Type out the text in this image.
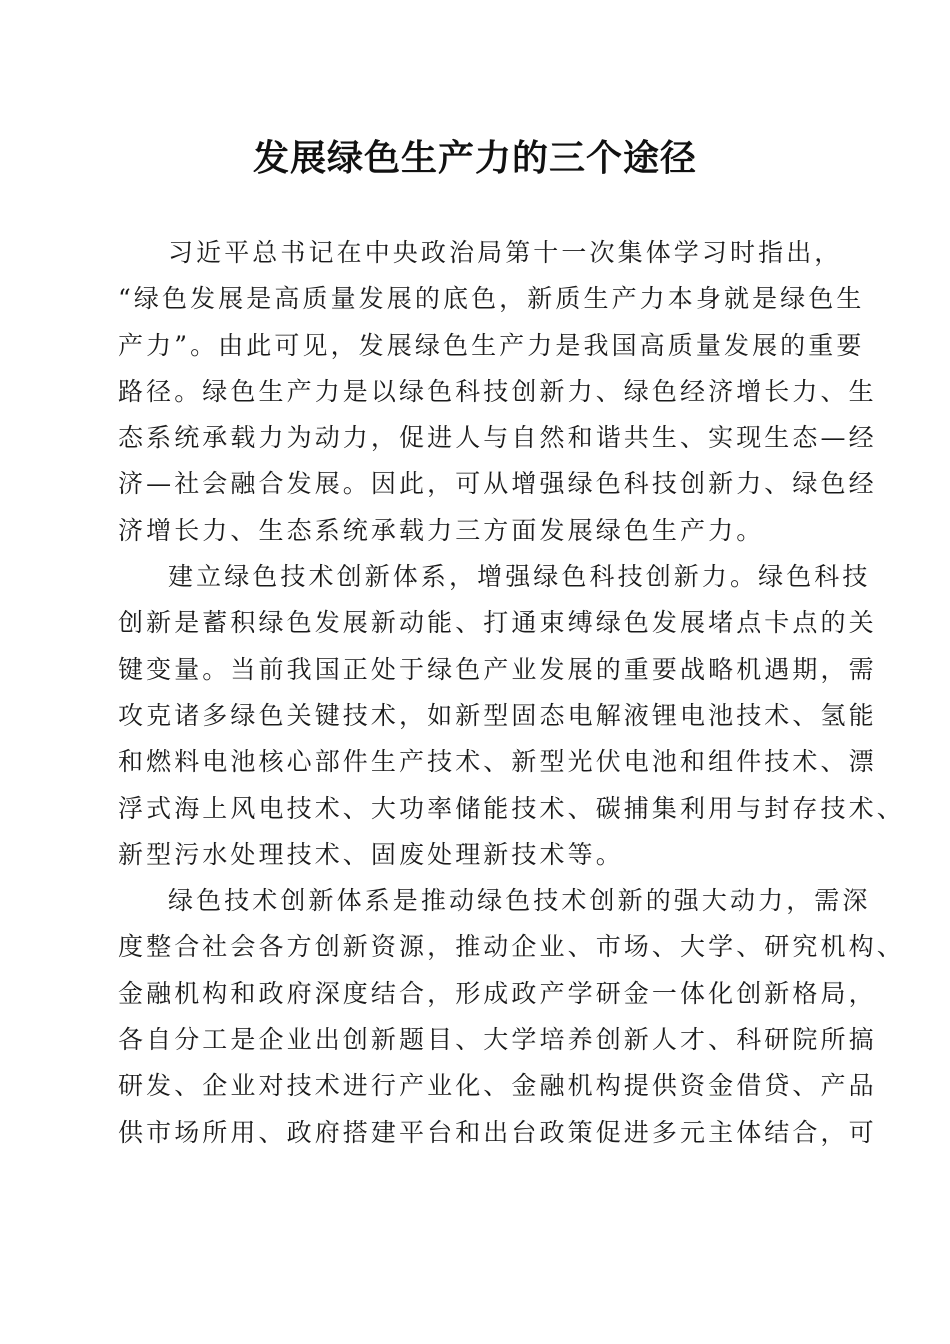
发展绿色生产力的三个途径

习近平总书记在中央政治局第十一次集体学习时指出，
“绿色发展是高质量发展的底色，新质生产力本身就是绿色生
产力”。由此可见，发展绿色生产力是我国高质量发展的重要
路径。绿色生产力是以绿色科技创新力、绿色经济增长力、生
态系统承载力为动力，促进人与自然和谐共生、实现生态—经
济—社会融合发展。因此，可从增强绿色科技创新力、绿色经
济增长力、生态系统承载力三方面发展绿色生产力。

建立绿色技术创新体系，增强绿色科技创新力。绿色科技
创新是蓄积绿色发展新动能、打通束缚绿色发展堵点卡点的关
键变量。当前我国正处于绿色产业发展的重要战略机遇期，需
攻克诸多绿色关键技术，如新型固态电解液锂电池技术、氢能
和燃料电池核心部件生产技术、新型光伏电池和组件技术、漂
浮式海上风电技术、大功率储能技术、碳捕集利用与封存技术、
新型污水处理技术、固废处理新技术等。

绿色技术创新体系是推动绿色技术创新的强大动力，需深
度整合社会各方创新资源，推动企业、市场、大学、研究机构、
金融机构和政府深度结合，形成政产学研金一体化创新格局，
各自分工是企业出创新题目、大学培养创新人才、科研院所搞
研发、企业对技术进行产业化、金融机构提供资金借贷、产品
供市场所用、政府搭建平台和出台政策促进多元主体结合，可
